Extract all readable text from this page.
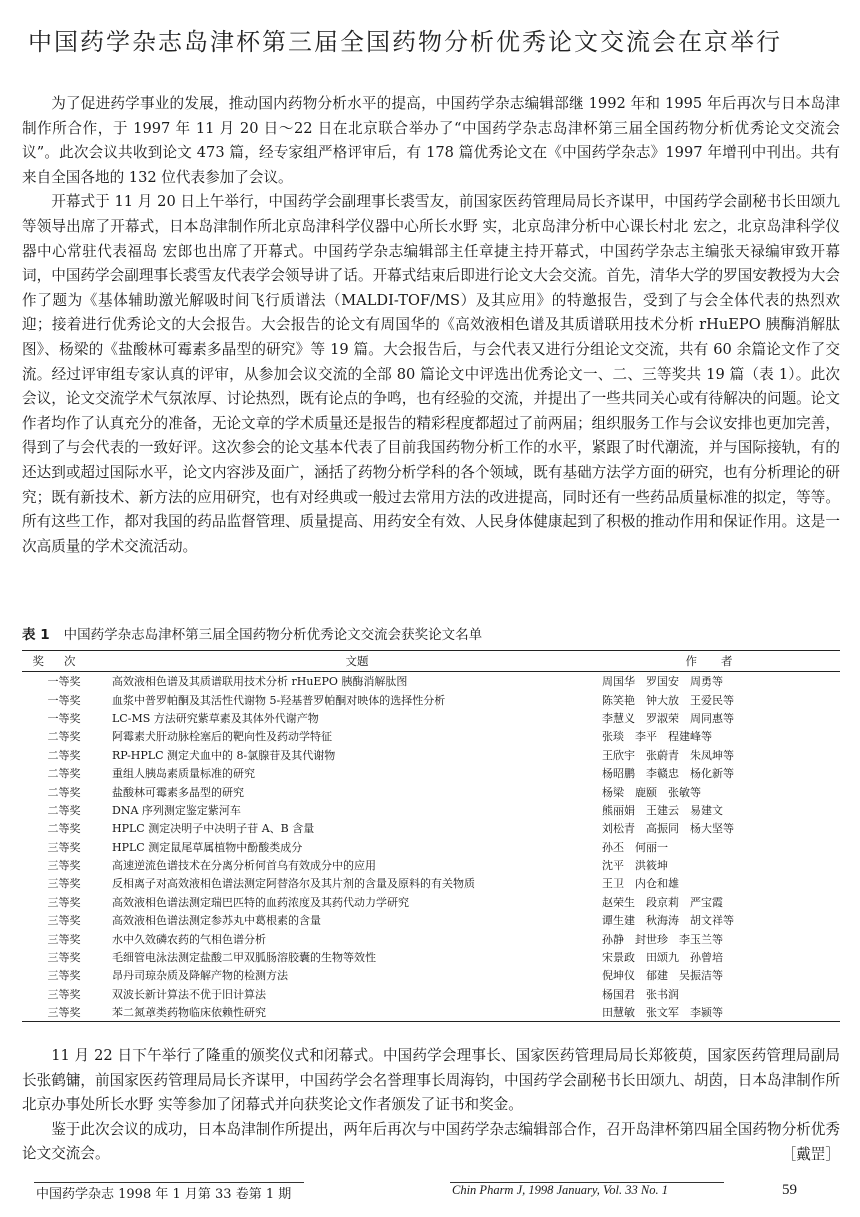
中国药学杂志岛津杯第三届全国药物分析优秀论文交流会在京举行

为了促进药学事业的发展，推动国内药物分析水平的提高，中国药学杂志编辑部继 1992 年和 1995 年后再次与日本岛津制作所合作，于 1997 年 11 月 20 日～22 日在北京联合举办了“中国药学杂志岛津杯第三届全国药物分析优秀论文交流会议”。此次会议共收到论文 473 篇，经专家组严格评审后，有 178 篇优秀论文在《中国药学杂志》1997 年增刊中刊出。共有来自全国各地的 132 位代表参加了会议。

开幕式于 11 月 20 日上午举行，中国药学会副理事长裘雪友，前国家医药管理局局长齐谋甲，中国药学会副秘书长田颂九等领导出席了开幕式，日本岛津制作所北京岛津科学仪器中心所长水野 实，北京岛津分析中心课长村北 宏之，北京岛津科学仪器中心常驻代表福岛 宏郎也出席了开幕式。中国药学杂志编辑部主任章捷主持开幕式，中国药学杂志主编张天禄编审致开幕词，中国药学会副理事长裘雪友代表学会领导讲了话。开幕式结束后即进行论文大会交流。首先，清华大学的罗国安教授为大会作了题为《基体辅助激光解吸时间飞行质谱法（MALDI-TOF/MS）及其应用》的特邀报告，受到了与会全体代表的热烈欢迎；接着进行优秀论文的大会报告。大会报告的论文有周国华的《高效液相色谱及其质谱联用技术分析 rHuEPO 胰酶消解肽图》、杨梁的《盐酸林可霉素多晶型的研究》等 19 篇。大会报告后，与会代表又进行分组论文交流，共有 60 余篇论文作了交流。经过评审组专家认真的评审，从参加会议交流的全部 80 篇论文中评选出优秀论文一、二、三等奖共 19 篇（表 1）。此次会议，论文交流学术气氛浓厚、讨论热烈，既有论点的争鸣，也有经验的交流，并提出了一些共同关心或有待解决的问题。论文作者均作了认真充分的准备，无论文章的学术质量还是报告的精彩程度都超过了前两届；组织服务工作与会议安排也更加完善，得到了与会代表的一致好评。这次参会的论文基本代表了目前我国药物分析工作的水平，紧跟了时代潮流，并与国际接轨，有的还达到或超过国际水平，论文内容涉及面广，涵括了药物分析学科的各个领域，既有基础方法学方面的研究，也有分析理论的研究；既有新技术、新方法的应用研究，也有对经典或一般过去常用方法的改进提高，同时还有一些药品质量标准的拟定，等等。所有这些工作，都对我国的药品监督管理、质量提高、用药安全有效、人民身体健康起到了积极的推动作用和保证作用。这是一次高质量的学术交流活动。

表 1 中国药学杂志岛津杯第三届全国药物分析优秀论文交流会获奖论文名单
奖次	文题	作者
一等奖	高效液相色谱及其质谱联用技术分析 rHuEPO 胰酶消解肽图	周国华　罗国安　周勇等
一等奖	血浆中普罗帕酮及其活性代谢物 5-羟基普罗帕酮对映体的选择性分析	陈笑艳　钟大放　王爱民等
一等奖	LC-MS 方法研究紫草素及其体外代谢产物	李慧义　罗淑荣　周同惠等
二等奖	阿霉素犬肝动脉栓塞后的靶向性及药动学特征	张琰　李平　程建峰等
二等奖	RP-HPLC 测定犬血中的 8-氯腺苷及其代谢物	王欣宇　张蔚青　朱凤坤等
二等奖	重组人胰岛素质量标准的研究	杨昭鹏　李赣忠　杨化新等
二等奖	盐酸林可霉素多晶型的研究	杨梁　鹿颐　张敏等
二等奖	DNA 序列测定鉴定紫河车	熊丽娟　王建云　易建文
二等奖	HPLC 测定决明子中决明子苷 A、B 含量	刘松青　高振同　杨大坚等
三等奖	HPLC 测定鼠尾草属植物中酚酸类成分	孙丕　何丽一
三等奖	高速逆流色谱技术在分离分析何首乌有效成分中的应用	沈平　洪筱坤
三等奖	反相离子对高效液相色谱法测定阿替洛尔及其片剂的含量及原料的有关物质	王卫　内仓和雄
三等奖	高效液相色谱法测定瑞巴匹特的血药浓度及其药代动力学研究	赵荣生　段京莉　严宝霞
三等奖	高效液相色谱法测定参苏丸中葛根素的含量	谭生建　秋海涛　胡文祥等
三等奖	水中久效磷农药的气相色谱分析	孙静　封世珍　李玉兰等
三等奖	毛细管电泳法测定盐酸二甲双胍肠溶胶囊的生物等效性	宋景政　田颂九　孙曾培
三等奖	昂丹司琼杂质及降解产物的检测方法	倪坤仪　郁建　吴振洁等
三等奖	双波长新计算法不优于旧计算法	杨国君　张书润
三等奖	苯二氮䓬类药物临床依赖性研究	田慧敏　张文军　李颍等

11 月 22 日下午举行了隆重的颁奖仪式和闭幕式。中国药学会理事长、国家医药管理局局长郑筱萸，国家医药管理局副局长张鹤镛，前国家医药管理局局长齐谋甲，中国药学会名誉理事长周海钧，中国药学会副秘书长田颂九、胡茵，日本岛津制作所北京办事处所长水野 实等参加了闭幕式并向获奖论文作者颁发了证书和奖金。

鉴于此次会议的成功，日本岛津制作所提出，两年后再次与中国药学杂志编辑部合作，召开岛津杯第四届全国药物分析优秀论文交流会。	［戴罡］
中国药学杂志 1998 年 1 月第 33 卷第 1 期	Chin Pharm J, 1998 January, Vol. 33 No. 1	59
